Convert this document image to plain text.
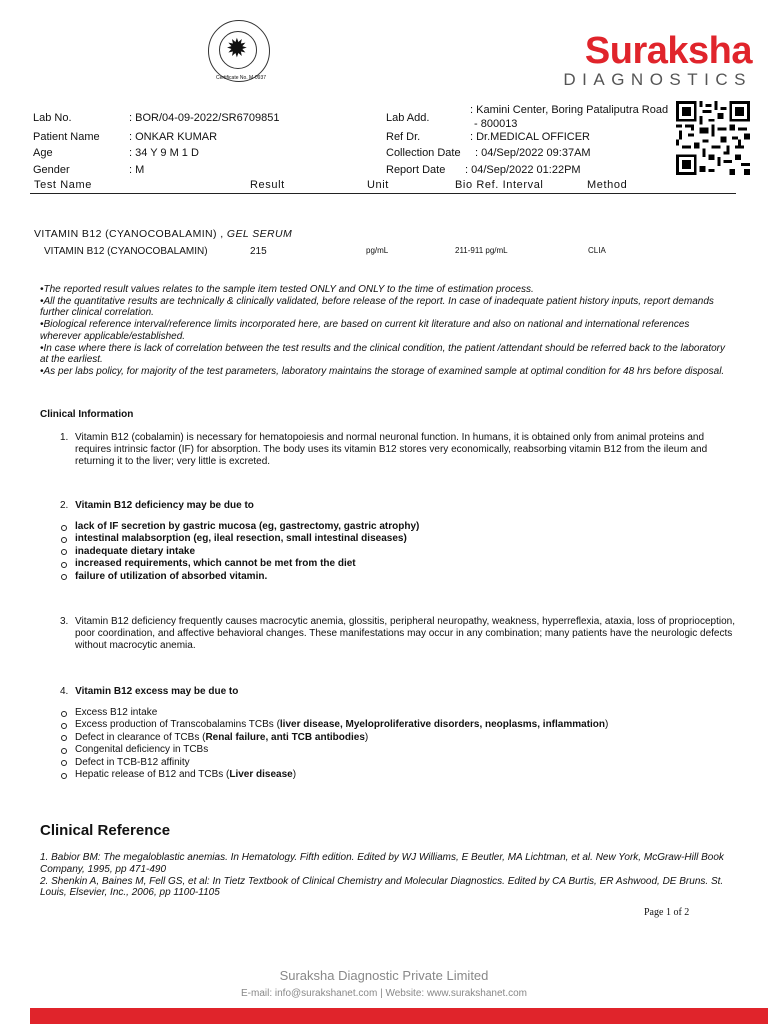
✹
Certificate No. M-0937
Suraksha
DIAGNOSTICS
Lab No.	: BOR/04-09-2022/SR6709851
Patient Name	: ONKAR KUMAR
Age	: 34 Y 9 M 1 D
Gender	: M
Lab Add.
: Kamini Center, Boring Pataliputra Road
- 800013
Ref Dr.	: Dr.MEDICAL OFFICER
Collection Date : 04/Sep/2022 09:37AM
Report Date : 04/Sep/2022 01:22PM
Test Name	Result	Unit	Bio Ref. Interval	Method
VITAMIN B12 (CYANOCOBALAMIN) , GEL SERUM
VITAMIN B12 (CYANOCOBALAMIN)	215	pg/mL	211-911 pg/mL	CLIA

•The reported result values relates to the sample item tested ONLY and ONLY to the time of estimation process.

•All the quantitative results are technically & clinically validated, before release of the report. In case of inadequate patient history inputs, report demands further clinical correlation.

•Biological reference interval/reference limits incorporated here, are based on current kit literature and also on national and international references wherever applicable/established.

•In case where there is lack of correlation between the test results and the clinical condition, the patient /attendant should be referred back to the laboratory at the earliest.

•As per labs policy, for majority of the test parameters, laboratory maintains the storage of examined sample at optimal condition for 48 hrs before disposal.

Clinical Information
1. Vitamin B12 (cobalamin) is necessary for hematopoiesis and normal neuronal function. In humans, it is obtained only from animal proteins and requires intrinsic factor (IF) for absorption. The body uses its vitamin B12 stores very economically, reabsorbing vitamin B12 from the ileum and returning it to the liver; very little is excreted.
2. Vitamin B12 deficiency may be due to
lack of IF secretion by gastric mucosa (eg, gastrectomy, gastric atrophy)
intestinal malabsorption (eg, ileal resection, small intestinal diseases)
inadequate dietary intake
increased requirements, which cannot be met from the diet
failure of utilization of absorbed vitamin.
3. Vitamin B12 deficiency frequently causes macrocytic anemia, glossitis, peripheral neuropathy, weakness, hyperreflexia, ataxia, loss of proprioception, poor coordination, and affective behavioral changes. These manifestations may occur in any combination; many patients have the neurologic defects without macrocytic anemia.
4. Vitamin B12 excess may be due to
Excess B12 intake
Excess production of Transcobalamins TCBs (liver disease, Myeloproliferative disorders, neoplasms, inflammation)
Defect in clearance of TCBs (Renal failure, anti TCB antibodies)
Congenital deficiency in TCBs
Defect in TCB-B12 affinity
Hepatic release of B12 and TCBs (Liver disease)
Clinical Reference

1. Babior BM: The megaloblastic anemias. In Hematology. Fifth edition. Edited by WJ Williams, E Beutler, MA Lichtman, et al. New York, McGraw-Hill Book Company, 1995, pp 471-490

2. Shenkin A, Baines M, Fell GS, et al: In Tietz Textbook of Clinical Chemistry and Molecular Diagnostics. Edited by CA Burtis, ER Ashwood, DE Bruns. St. Louis, Elsevier, Inc., 2006, pp 1100-1105

Page 1 of 2
Suraksha Diagnostic Private Limited
E-mail: info@surakshanet.com | Website: www.surakshanet.com
